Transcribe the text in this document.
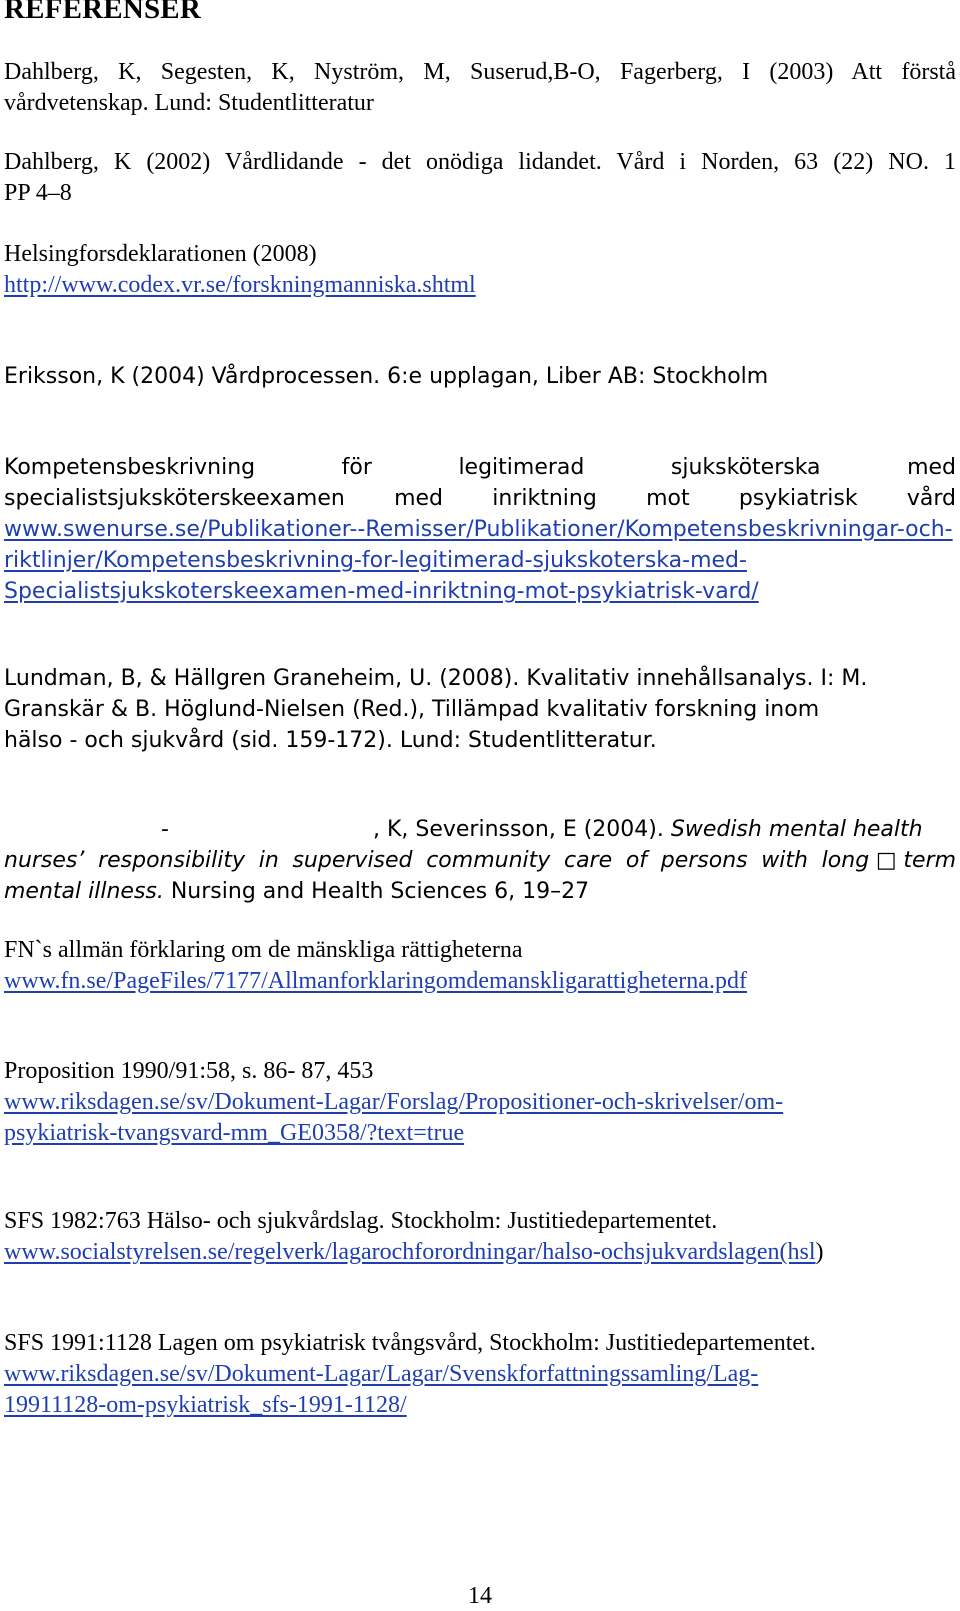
REFERENSER
Dahlberg, K, Segesten, K, Nyström, M, Suserud,B-O, Fagerberg, I (2003) Att förstå
vårdvetenskap. Lund: Studentlitteratur
Dahlberg, K (2002) Vårdlidande - det onödiga lidandet. Vård i Norden, 63 (22) NO. 1
PP 4–8
Helsingforsdeklarationen (2008)
http://www.codex.vr.se/forskningmanniska.shtml
Eriksson, K (2004) Vårdprocessen. 6:e upplagan, Liber AB: Stockholm
Kompetensbeskrivning för legitimerad sjuksköterska med
specialistsjuksköterskeexamen med inriktning mot psykiatrisk vård
www.swenurse.se/Publikationer--Remisser/Publikationer/Kompetensbeskrivningar-och-
riktlinjer/Kompetensbeskrivning-for-legitimerad-sjukskoterska-med-
Specialistsjukskoterskeexamen-med-inriktning-mot-psykiatrisk-vard/
Lundman, B, & Hällgren Graneheim, U. (2008). Kvalitativ innehållsanalys. I: M.
Granskär & B. Höglund-Nielsen (Red.), Tillämpad kvalitativ forskning inom
hälso - och sjukvård (sid. 159-172). Lund: Studentlitteratur.
-	, K, Severinsson, E (2004). Swedish mental health
nurses’ responsibility in supervised community care of persons with long□term
mental illness. Nursing and Health Sciences 6, 19–27
FN`s allmän förklaring om de mänskliga rättigheterna
www.fn.se/PageFiles/7177/Allmanforklaringomdemanskligarattigheterna.pdf
Proposition 1990/91:58, s. 86- 87, 453
www.riksdagen.se/sv/Dokument-Lagar/Forslag/Propositioner-och-skrivelser/om-
psykiatrisk-tvangsvard-mm_GE0358/?text=true
SFS 1982:763 Hälso- och sjukvårdslag. Stockholm: Justitiedepartementet.
www.socialstyrelsen.se/regelverk/lagarochforordningar/halso-ochsjukvardslagen(hsl)
SFS 1991:1128 Lagen om psykiatrisk tvångsvård, Stockholm: Justitiedepartementet.
www.riksdagen.se/sv/Dokument-Lagar/Lagar/Svenskforfattningssamling/Lag-
19911128-om-psykiatrisk_sfs-1991-1128/
14
